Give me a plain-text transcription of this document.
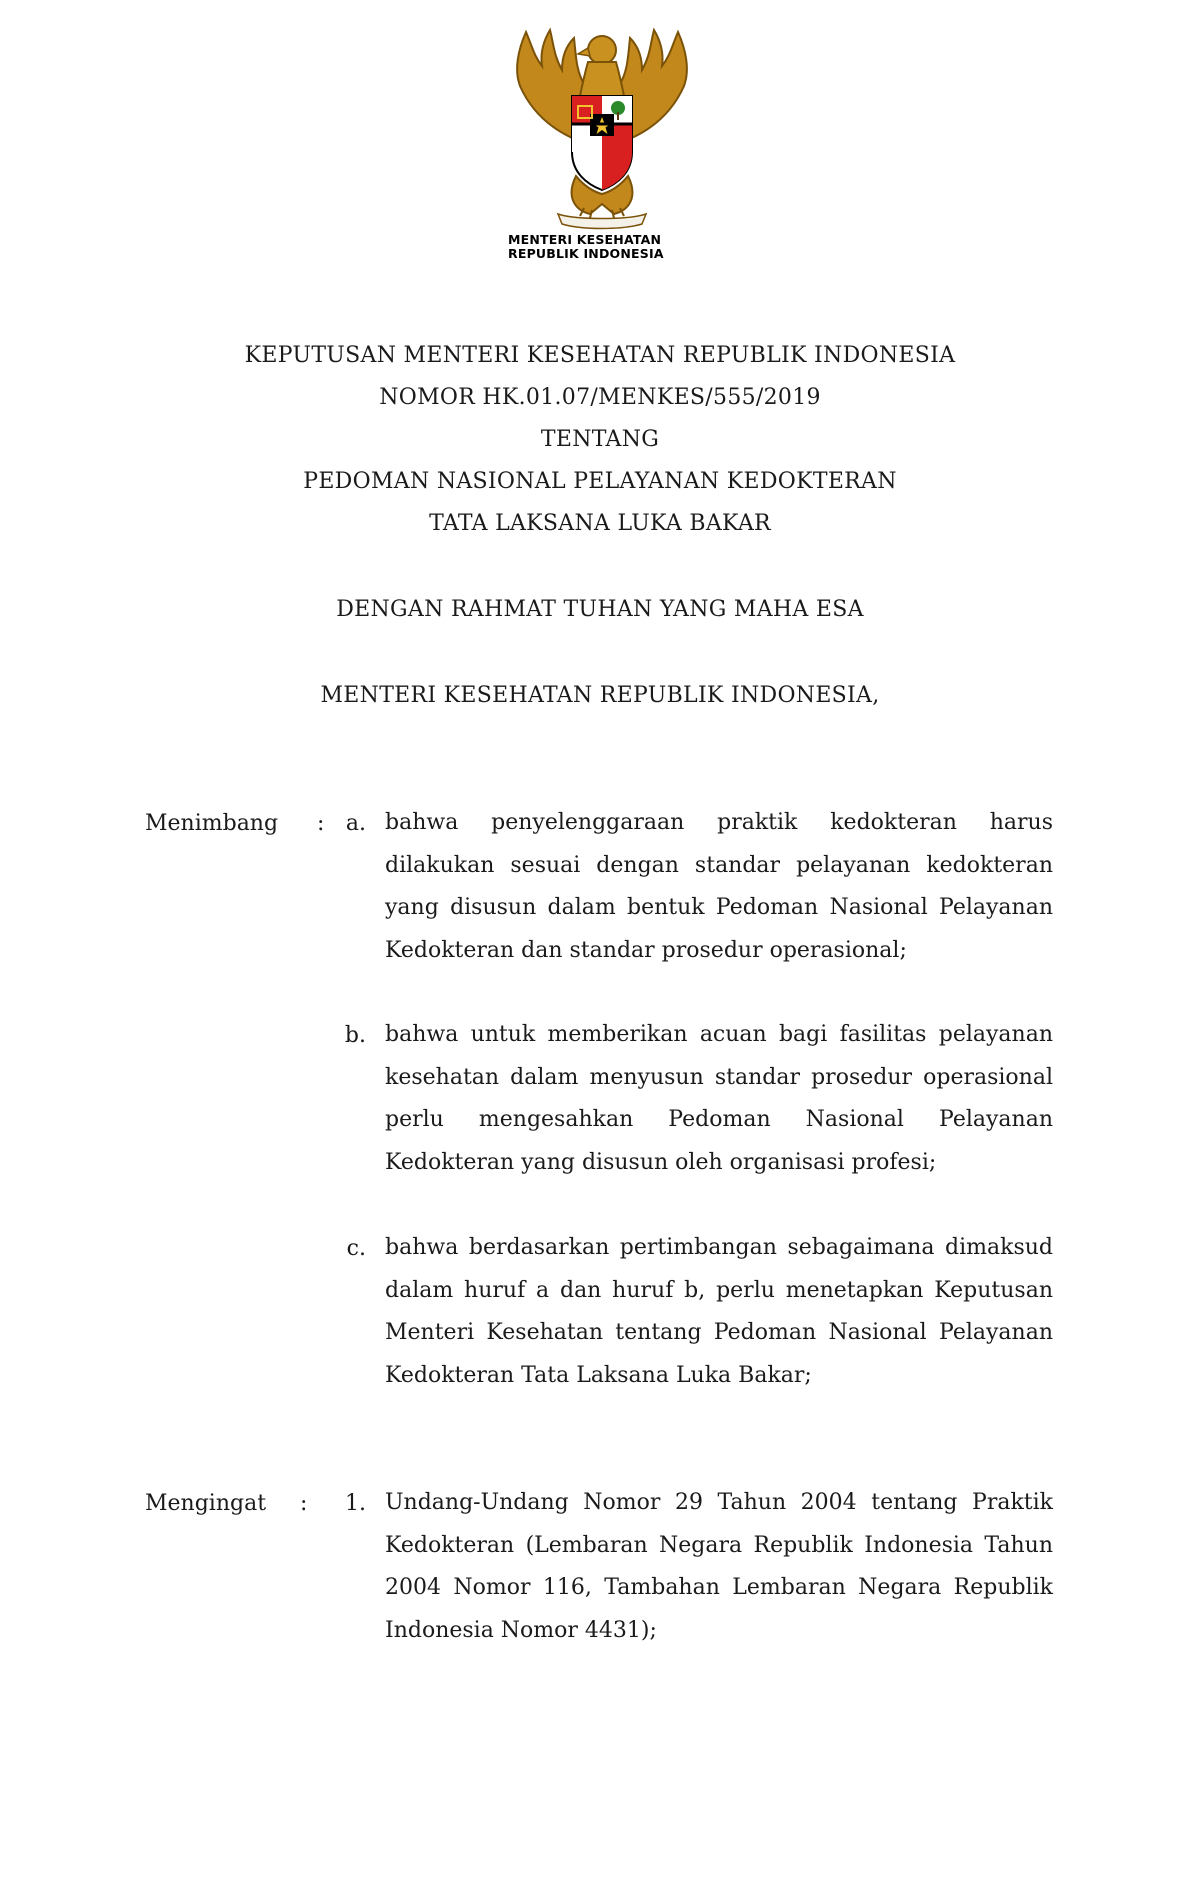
MENTERI KESEHATAN
REPUBLIK INDONESIA
KEPUTUSAN MENTERI KESEHATAN REPUBLIK INDONESIA
NOMOR HK.01.07/MENKES/555/2019
TENTANG
PEDOMAN NASIONAL PELAYANAN KEDOKTERAN
TATA LAKSANA LUKA BAKAR
DENGAN RAHMAT TUHAN YANG MAHA ESA
MENTERI KESEHATAN REPUBLIK INDONESIA,
Menimbang : a. bahwa penyelenggaraan praktik kedokteran harus dilakukan sesuai dengan standar pelayanan kedokteran yang disusun dalam bentuk Pedoman Nasional Pelayanan Kedokteran dan standar prosedur operasional;
b. bahwa untuk memberikan acuan bagi fasilitas pelayanan kesehatan dalam menyusun standar prosedur operasional perlu mengesahkan Pedoman Nasional Pelayanan Kedokteran yang disusun oleh organisasi profesi;
c. bahwa berdasarkan pertimbangan sebagaimana dimaksud dalam huruf a dan huruf b, perlu menetapkan Keputusan Menteri Kesehatan tentang Pedoman Nasional Pelayanan Kedokteran Tata Laksana Luka Bakar;
Mengingat :	1. Undang-Undang Nomor 29 Tahun 2004 tentang Praktik Kedokteran (Lembaran Negara Republik Indonesia Tahun 2004 Nomor 116, Tambahan Lembaran Negara Republik Indonesia Nomor 4431);
